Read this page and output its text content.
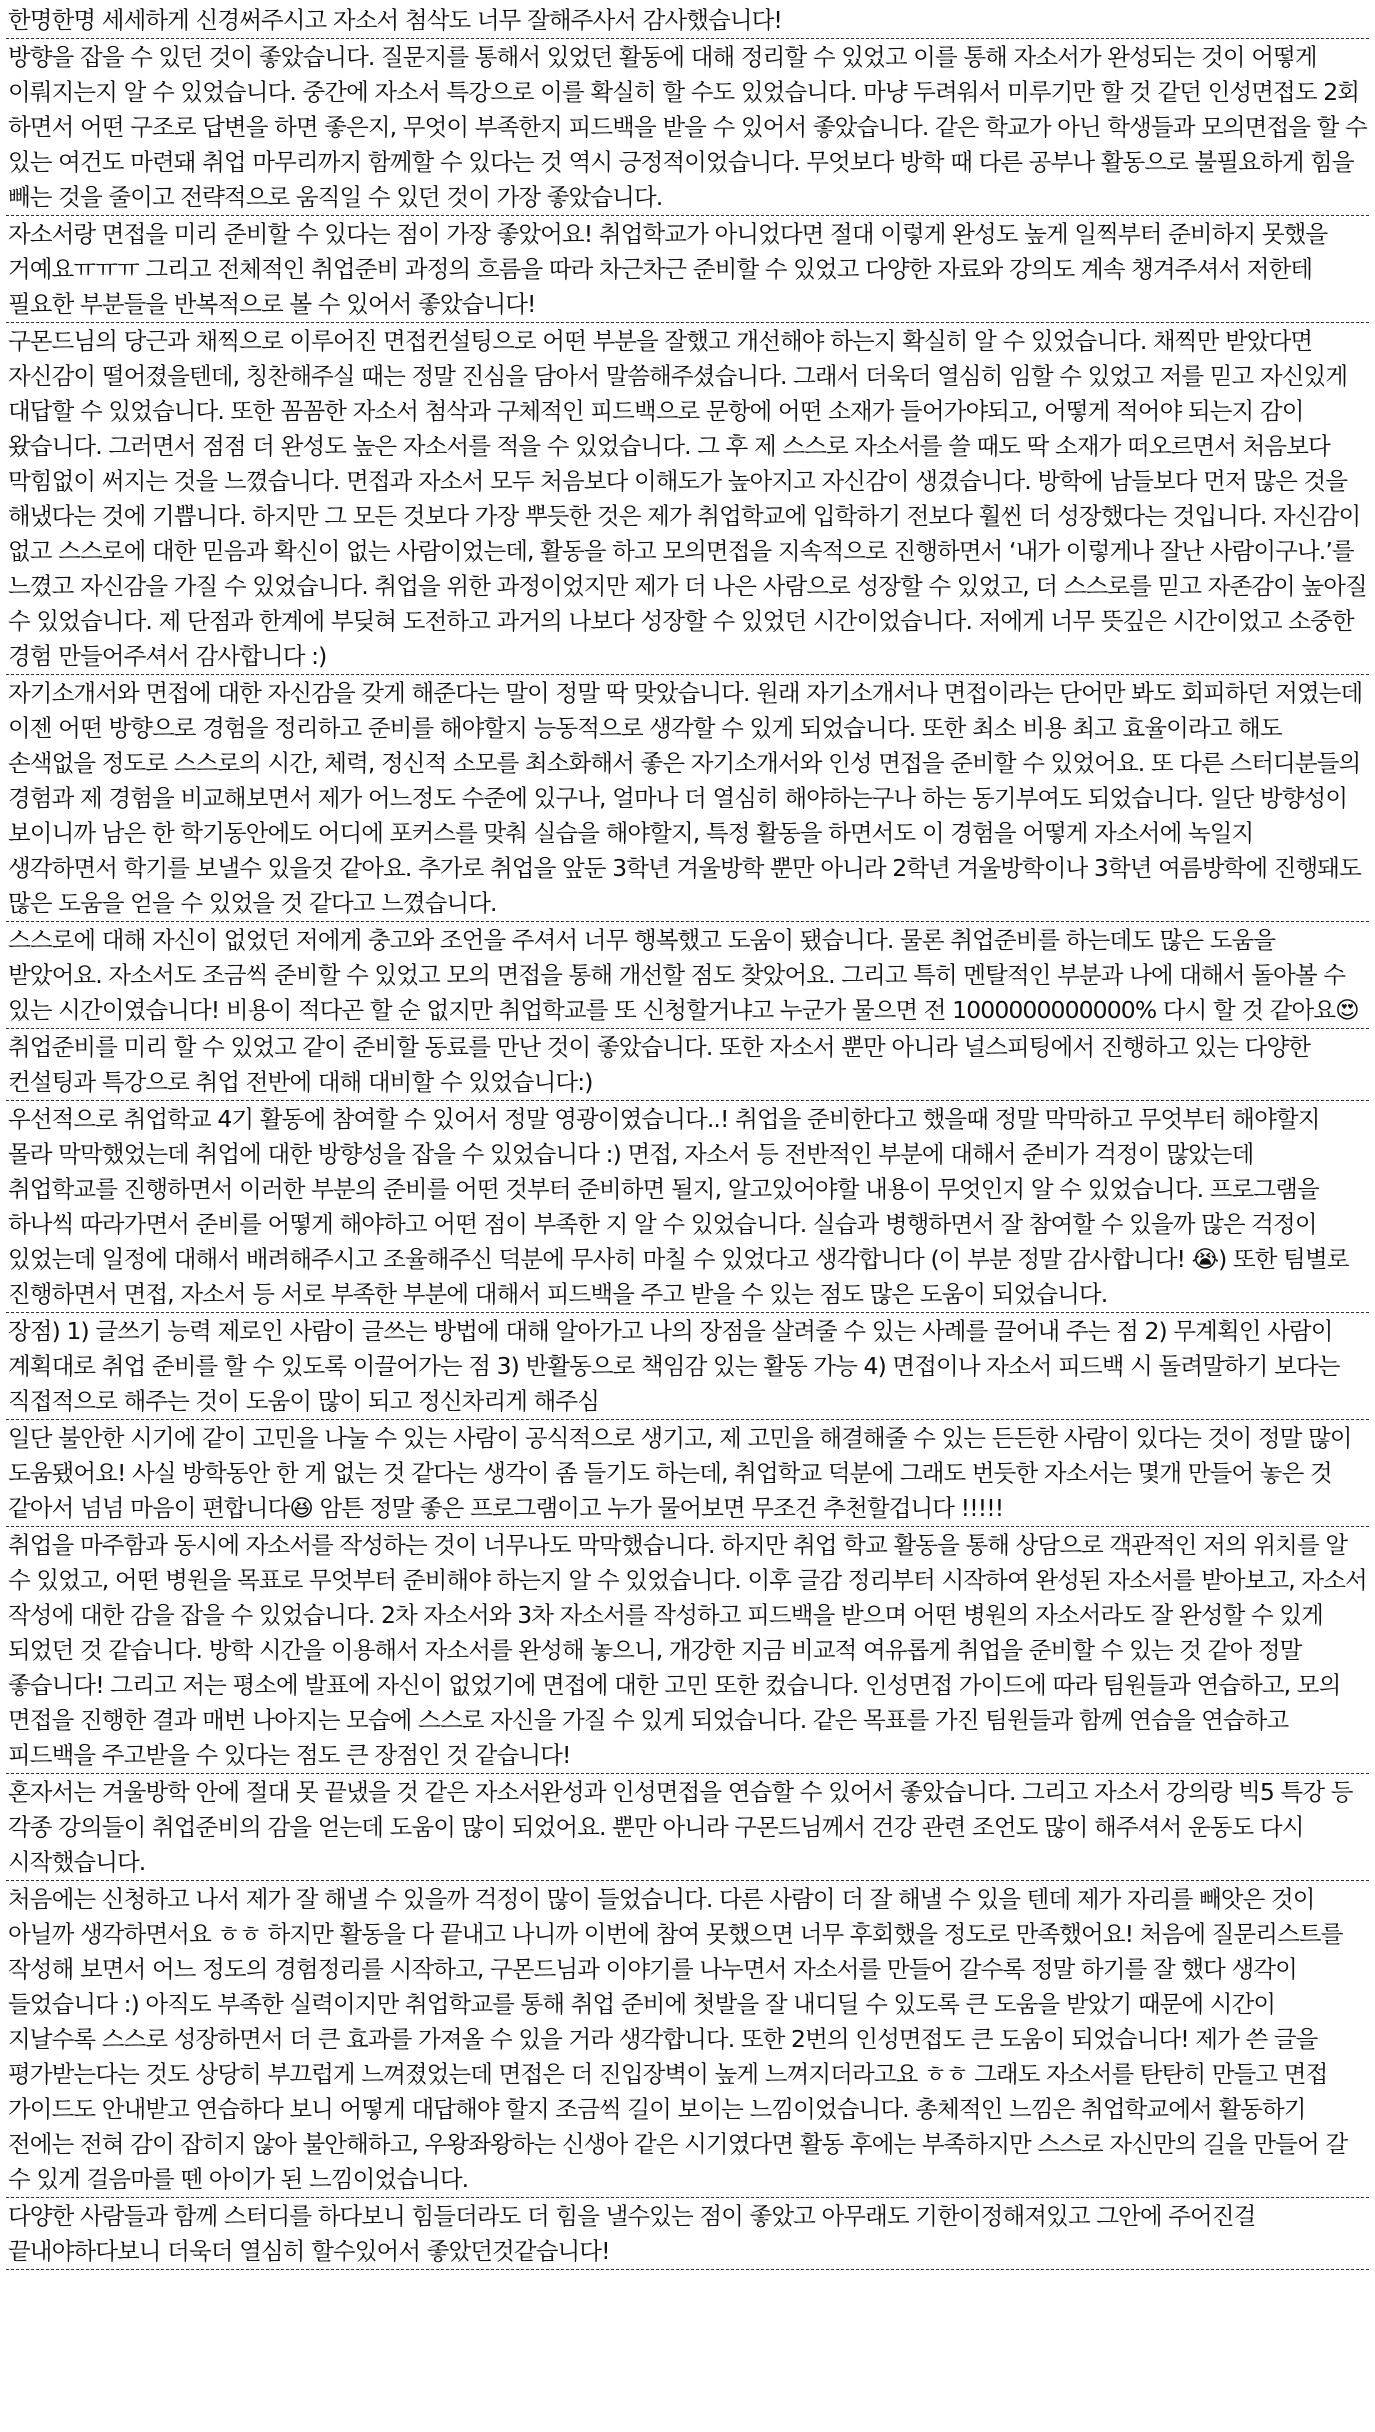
한명한명 세세하게 신경써주시고 자소서 첨삭도 너무 잘해주사서 감사했습니다!
방향을 잡을 수 있던 것이 좋았습니다. 질문지를 통해서 있었던 활동에 대해 정리할 수 있었고 이를 통해 자소서가 완성되는 것이 어떻게 이뤄지는지 알 수 있었습니다. 중간에 자소서 특강으로 이를 확실히 할 수도 있었습니다. 마냥 두려워서 미루기만 할 것 같던 인성면접도 2회 하면서 어떤 구조로 답변을 하면 좋은지, 무엇이 부족한지 피드백을 받을 수 있어서 좋았습니다. 같은 학교가 아닌 학생들과 모의면접을 할 수 있는 여건도 마련돼 취업 마무리까지 함께할 수 있다는 것 역시 긍정적이었습니다. 무엇보다 방학 때 다른 공부나 활동으로 불필요하게 힘을 빼는 것을 줄이고 전략적으로 움직일 수 있던 것이 가장 좋았습니다.
자소서랑 면접을 미리 준비할 수 있다는 점이 가장 좋았어요! 취업학교가 아니었다면 절대 이렇게 완성도 높게 일찍부터 준비하지 못했을 거예요ㅠㅠㅠ 그리고 전체적인 취업준비 과정의 흐름을 따라 차근차근 준비할 수 있었고 다양한 자료와 강의도 계속 챙겨주셔서 저한테 필요한 부분들을 반복적으로 볼 수 있어서 좋았습니다!
구몬드님의 당근과 채찍으로 이루어진 면접컨설팅으로 어떤 부분을 잘했고 개선해야 하는지 확실히 알 수 있었습니다. 채찍만 받았다면 자신감이 떨어졌을텐데, 칭찬해주실 때는 정말 진심을 담아서 말씀해주셨습니다. 그래서 더욱더 열심히 임할 수 있었고 저를 믿고 자신있게 대답할 수 있었습니다. 또한 꼼꼼한 자소서 첨삭과 구체적인 피드백으로 문항에 어떤 소재가 들어가야되고, 어떻게 적어야 되는지 감이 왔습니다. 그러면서 점점 더 완성도 높은 자소서를 적을 수 있었습니다. 그 후 제 스스로 자소서를 쓸 때도 딱 소재가 떠오르면서 처음보다 막힘없이 써지는 것을 느꼈습니다. 면접과 자소서 모두 처음보다 이해도가 높아지고 자신감이 생겼습니다. 방학에 남들보다 먼저 많은 것을 해냈다는 것에 기쁩니다. 하지만 그 모든 것보다 가장 뿌듯한 것은 제가 취업학교에 입학하기 전보다 훨씬 더 성장했다는 것입니다. 자신감이 없고 스스로에 대한 믿음과 확신이 없는 사람이었는데, 활동을 하고 모의면접을 지속적으로 진행하면서 ‘내가 이렇게나 잘난 사람이구나.’를 느꼈고 자신감을 가질 수 있었습니다. 취업을 위한 과정이었지만 제가 더 나은 사람으로 성장할 수 있었고, 더 스스로를 믿고 자존감이 높아질 수 있었습니다. 제 단점과 한계에 부딪혀 도전하고 과거의 나보다 성장할 수 있었던 시간이었습니다. 저에게 너무 뜻깊은 시간이었고 소중한 경험 만들어주셔서 감사합니다 :)
자기소개서와 면접에 대한 자신감을 갖게 해준다는 말이 정말 딱 맞았습니다. 원래 자기소개서나 면접이라는 단어만 봐도 회피하던 저였는데 이젠 어떤 방향으로 경험을 정리하고 준비를 해야할지 능동적으로 생각할 수 있게 되었습니다. 또한 최소 비용 최고 효율이라고 해도 손색없을 정도로 스스로의 시간, 체력, 정신적 소모를 최소화해서 좋은 자기소개서와 인성 면접을 준비할 수 있었어요. 또 다른 스터디분들의 경험과 제 경험을 비교해보면서 제가 어느정도 수준에 있구나, 얼마나 더 열심히 해야하는구나 하는 동기부여도 되었습니다. 일단 방향성이 보이니까 남은 한 학기동안에도 어디에 포커스를 맞춰 실습을 해야할지, 특정 활동을 하면서도 이 경험을 어떻게 자소서에 녹일지 생각하면서 학기를 보낼수 있을것 같아요. 추가로 취업을 앞둔 3학년 겨울방학 뿐만 아니라 2학년 겨울방학이나 3학년 여름방학에 진행돼도 많은 도움을 얻을 수 있었을 것 같다고 느꼈습니다.
스스로에 대해 자신이 없었던 저에게 충고와 조언을 주셔서 너무 행복했고 도움이 됐습니다. 물론 취업준비를 하는데도 많은 도움을 받았어요. 자소서도 조금씩 준비할 수 있었고 모의 면접을 통해 개선할 점도 찾았어요. 그리고 특히 멘탈적인 부분과 나에 대해서 돌아볼 수 있는 시간이였습니다! 비용이 적다곤 할 순 없지만 취업학교를 또 신청할거냐고 누군가 물으면 전 1000000000000% 다시 할 것 같아요😍
취업준비를 미리 할 수 있었고 같이 준비할 동료를 만난 것이 좋았습니다. 또한 자소서 뿐만 아니라 널스피팅에서 진행하고 있는 다양한 컨설팅과 특강으로 취업 전반에 대해 대비할 수 있었습니다:)
우선적으로 취업학교 4기 활동에 참여할 수 있어서 정말 영광이였습니다..! 취업을 준비한다고 했을때 정말 막막하고 무엇부터 해야할지 몰라 막막했었는데 취업에 대한 방향성을 잡을 수 있었습니다 :) 면접, 자소서 등 전반적인 부분에 대해서 준비가 걱정이 많았는데 취업학교를 진행하면서 이러한 부분의 준비를 어떤 것부터 준비하면 될지, 알고있어야할 내용이 무엇인지 알 수 있었습니다. 프로그램을 하나씩 따라가면서 준비를 어떻게 해야하고 어떤 점이 부족한 지 알 수 있었습니다. 실습과 병행하면서 잘 참여할 수 있을까 많은 걱정이 있었는데 일정에 대해서 배려해주시고 조율해주신 덕분에 무사히 마칠 수 있었다고 생각합니다 (이 부분 정말 감사합니다! 😭) 또한 팀별로 진행하면서 면접, 자소서 등 서로 부족한 부분에 대해서 피드백을 주고 받을 수 있는 점도 많은 도움이 되었습니다.
장점) 1) 글쓰기 능력 제로인 사람이 글쓰는 방법에 대해 알아가고 나의 장점을 살려줄 수 있는 사례를 끌어내 주는 점 2) 무계획인 사람이 계획대로 취업 준비를 할 수 있도록 이끌어가는 점 3) 반활동으로 책임감 있는 활동 가능 4) 면접이나 자소서 피드백 시 돌려말하기 보다는 직접적으로 해주는 것이 도움이 많이 되고 정신차리게 해주심
일단 불안한 시기에 같이 고민을 나눌 수 있는 사람이 공식적으로 생기고, 제 고민을 해결해줄 수 있는 든든한 사람이 있다는 것이 정말 많이 도움됐어요! 사실 방학동안 한 게 없는 것 같다는 생각이 좀 들기도 하는데, 취업학교 덕분에 그래도 번듯한 자소서는 몇개 만들어 놓은 것 같아서 넘넘 마음이 편합니다😆 암튼 정말 좋은 프로그램이고 누가 물어보면 무조건 추천할겁니다 !!!!!
취업을 마주함과 동시에 자소서를 작성하는 것이 너무나도 막막했습니다. 하지만 취업 학교 활동을 통해 상담으로 객관적인 저의 위치를 알 수 있었고, 어떤 병원을 목표로 무엇부터 준비해야 하는지 알 수 있었습니다. 이후 글감 정리부터 시작하여 완성된 자소서를 받아보고, 자소서 작성에 대한 감을 잡을 수 있었습니다. 2차 자소서와 3차 자소서를 작성하고 피드백을 받으며 어떤 병원의 자소서라도 잘 완성할 수 있게 되었던 것 같습니다. 방학 시간을 이용해서 자소서를 완성해 놓으니, 개강한 지금 비교적 여유롭게 취업을 준비할 수 있는 것 같아 정말 좋습니다! 그리고 저는 평소에 발표에 자신이 없었기에 면접에 대한 고민 또한 컸습니다. 인성면접 가이드에 따라 팀원들과 연습하고, 모의 면접을 진행한 결과 매번 나아지는 모습에 스스로 자신을 가질 수 있게 되었습니다. 같은 목표를 가진 팀원들과 함께 연습을 연습하고 피드백을 주고받을 수 있다는 점도 큰 장점인 것 같습니다!
혼자서는 겨울방학 안에 절대 못 끝냈을 것 같은 자소서완성과 인성면접을 연습할 수 있어서 좋았습니다. 그리고 자소서 강의랑 빅5 특강 등 각종 강의들이 취업준비의 감을 얻는데 도움이 많이 되었어요. 뿐만 아니라 구몬드님께서 건강 관련 조언도 많이 해주셔서 운동도 다시 시작했습니다.
처음에는 신청하고 나서 제가 잘 해낼 수 있을까 걱정이 많이 들었습니다. 다른 사람이 더 잘 해낼 수 있을 텐데 제가 자리를 빼앗은 것이 아닐까 생각하면서요 ㅎㅎ 하지만 활동을 다 끝내고 나니까 이번에 참여 못했으면 너무 후회했을 정도로 만족했어요! 처음에 질문리스트를 작성해 보면서 어느 정도의 경험정리를 시작하고, 구몬드님과 이야기를 나누면서 자소서를 만들어 갈수록 정말 하기를 잘 했다 생각이 들었습니다 :) 아직도 부족한 실력이지만 취업학교를 통해 취업 준비에 첫발을 잘 내디딜 수 있도록 큰 도움을 받았기 때문에 시간이 지날수록 스스로 성장하면서 더 큰 효과를 가져올 수 있을 거라 생각합니다. 또한 2번의 인성면접도 큰 도움이 되었습니다! 제가 쓴 글을 평가받는다는 것도 상당히 부끄럽게 느껴졌었는데 면접은 더 진입장벽이 높게 느껴지더라고요 ㅎㅎ 그래도 자소서를 탄탄히 만들고 면접 가이드도 안내받고 연습하다 보니 어떻게 대답해야 할지 조금씩 길이 보이는 느낌이었습니다. 총체적인 느낌은 취업학교에서 활동하기 전에는 전혀 감이 잡히지 않아 불안해하고, 우왕좌왕하는 신생아 같은 시기였다면 활동 후에는 부족하지만 스스로 자신만의 길을 만들어 갈 수 있게 걸음마를 뗀 아이가 된 느낌이었습니다.
다양한 사람들과 함께 스터디를 하다보니 힘들더라도 더 힘을 낼수있는 점이 좋았고 아무래도 기한이정해져있고 그안에 주어진걸 끝내야하다보니 더욱더 열심히 할수있어서 좋았던것같습니다!
